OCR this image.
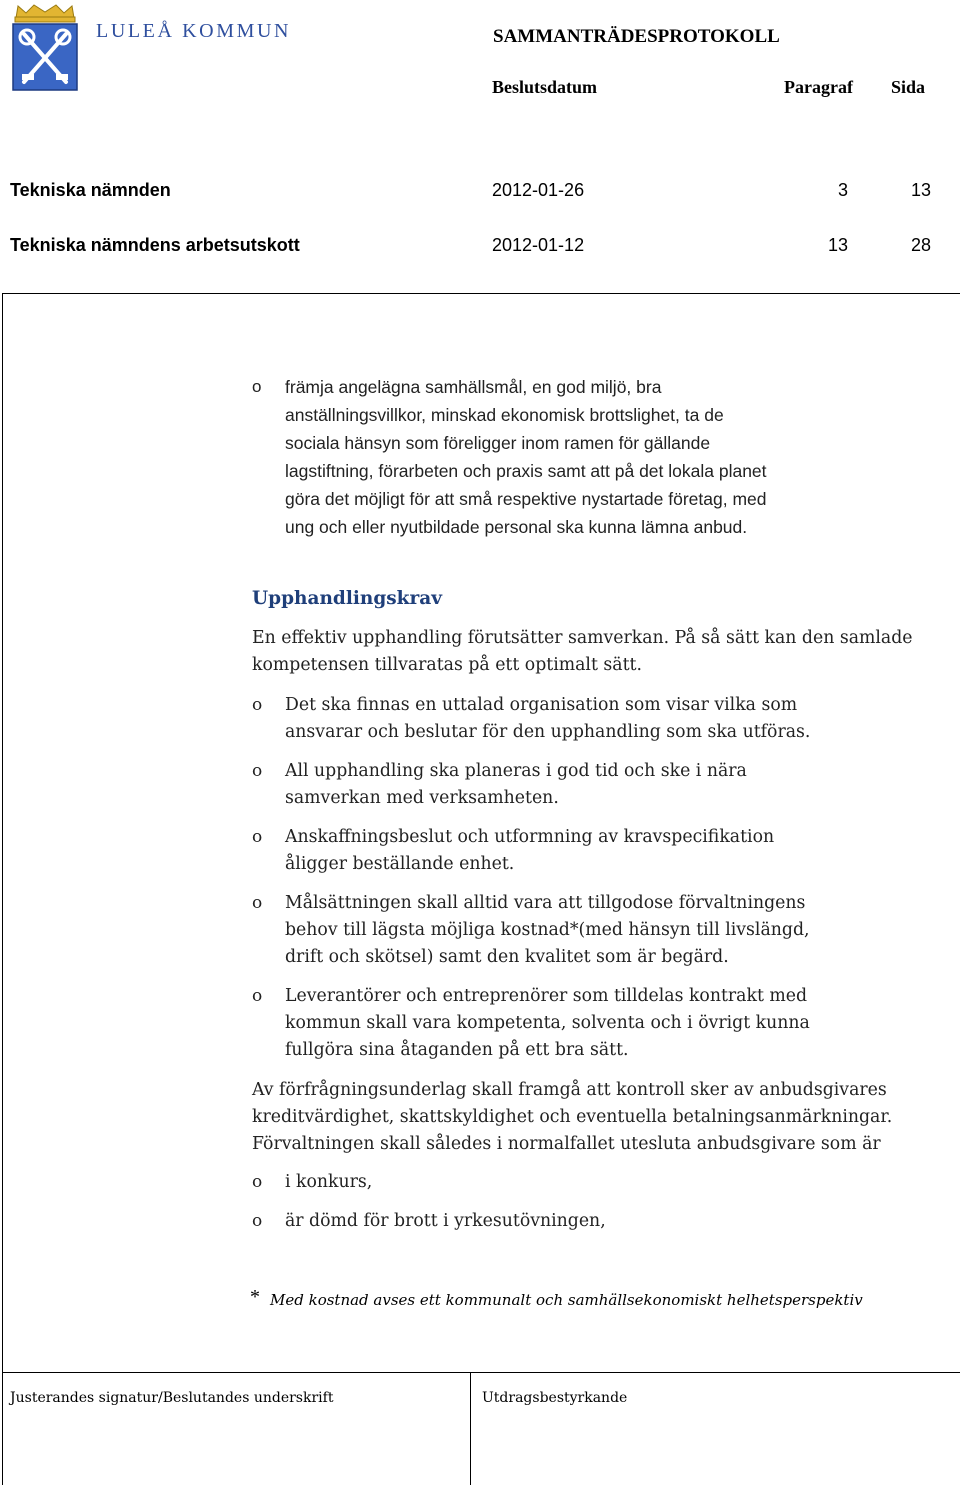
LULEÅ KOMMUN	SAMMANTRÄDESPROTOKOLL
Beslutsdatum	Paragraf Sida
Tekniska nämnden	2012-01-26	3	13
Tekniska nämndens arbetsutskott	2012-01-12	13	28
o främja angelägna samhällsmål, en god miljö, bra
anställningsvillkor, minskad ekonomisk brottslighet, ta de
sociala hänsyn som föreligger inom ramen för gällande
lagstiftning, förarbeten och praxis samt att på det lokala planet
göra det möjligt för att små respektive nystartade företag, med
ung och eller nyutbildade personal ska kunna lämna anbud.
Upphandlingskrav
En effektiv upphandling förutsätter samverkan. På så sätt kan den samlade
kompetensen tillvaratas på ett optimalt sätt.
o Det ska finnas en uttalad organisation som visar vilka som
ansvarar och beslutar för den upphandling som ska utföras.
o All upphandling ska planeras i god tid och ske i nära
samverkan med verksamheten.
o Anskaffningsbeslut och utformning av kravspecifikation
åligger beställande enhet.
o Målsättningen skall alltid vara att tillgodose förvaltningens
behov till lägsta möjliga kostnad*(med hänsyn till livslängd,
drift och skötsel) samt den kvalitet som är begärd.
o Leverantörer och entreprenörer som tilldelas kontrakt med
kommun skall vara kompetenta, solventa och i övrigt kunna
fullgöra sina åtaganden på ett bra sätt.
Av förfrågningsunderlag skall framgå att kontroll sker av anbudsgivares
kreditvärdighet, skattskyldighet och eventuella betalningsanmärkningar.
Förvaltningen skall således i normalfallet utesluta anbudsgivare som är
o i konkurs,
o är dömd för brott i yrkesutövningen,
* Med kostnad avses ett kommunalt och samhällsekonomiskt helhetsperspektiv
Justerandes signatur/Beslutandes underskrift	Utdragsbestyrkande
